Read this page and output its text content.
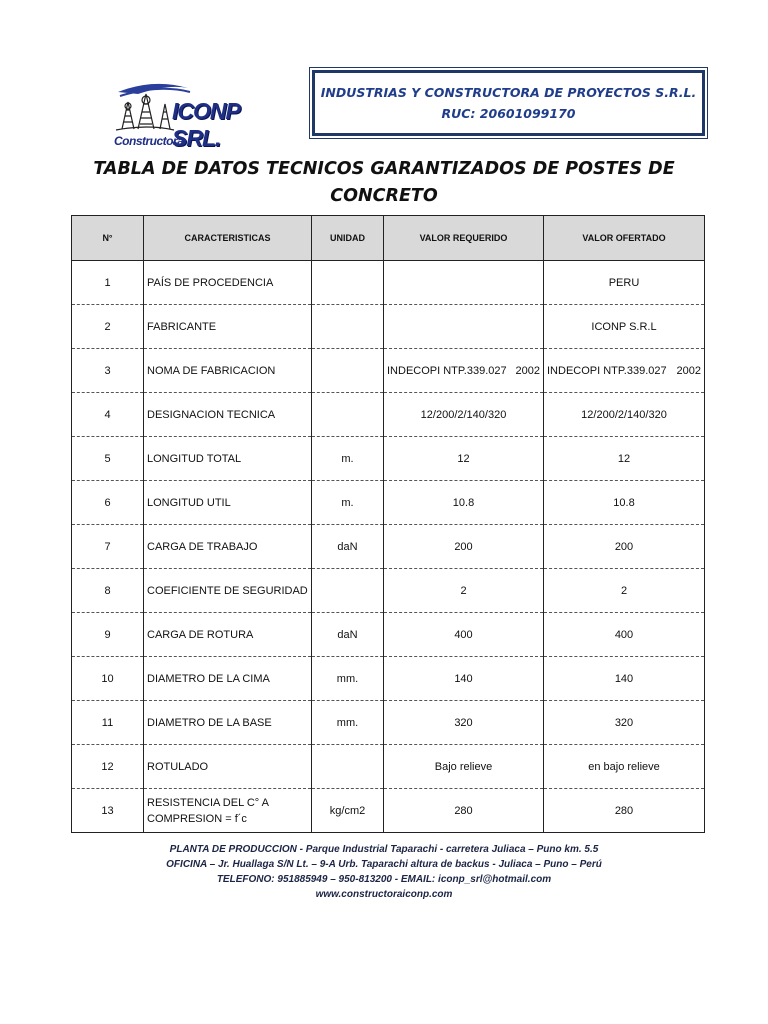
ICONP SRL.
Constructora
INDUSTRIAS Y CONSTRUCTORA DE PROYECTOS S.R.L.
RUC: 20601099170
TABLA DE DATOS TECNICOS GARANTIZADOS DE POSTES DE CONCRETO
N°	CARACTERISTICAS	UNIDAD	VALOR REQUERIDO	VALOR OFERTADO
1	PAÍS DE PROCEDENCIA			PERU
2	FABRICANTE			ICONP S.R.L
3	NOMA DE FABRICACION		INDECOPI NTP.339.027 2002	INDECOPI NTP.339.027 2002

4	DESIGNACION TECNICA		12/200/2/140/320	12/200/2/140/320
5	LONGITUD TOTAL	m.	12	12
6	LONGITUD UTIL	m.	10.8	10.8
7	CARGA DE TRABAJO	daN	200	200
8	COEFICIENTE DE SEGURIDAD		2	2
9	CARGA DE ROTURA	daN	400	400
10	DIAMETRO DE LA CIMA	mm.	140	140
11	DIAMETRO DE LA BASE	mm.	320	320
12	ROTULADO		Bajo relieve	en bajo relieve
13	RESISTENCIA DEL C° A
COMPRESION = f´c	kg/cm2	280	280
PLANTA DE PRODUCCION - Parque Industrial Taparachi - carretera Juliaca – Puno km. 5.5
OFICINA – Jr. Huallaga S/N Lt. – 9-A Urb. Taparachi altura de backus - Juliaca – Puno – Perú
TELEFONO: 951885949 – 950-813200 - EMAIL: iconp_srl@hotmail.com
www.constructoraiconp.com
